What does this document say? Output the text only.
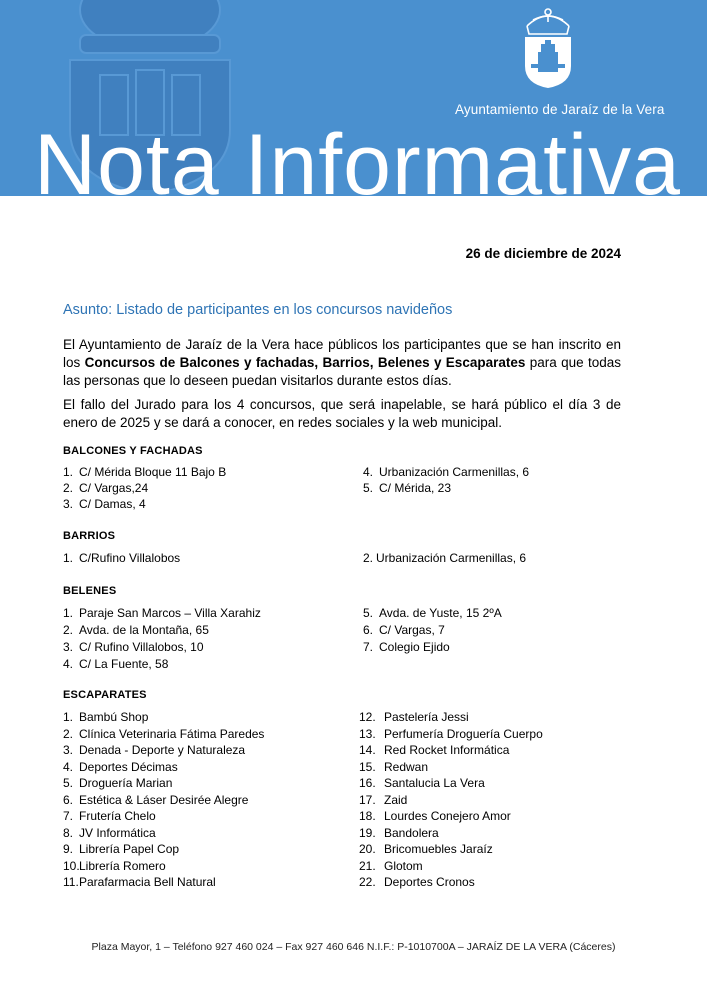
Ayuntamiento de Jaraíz de la Vera
Nota Informativa
26 de diciembre de 2024
Asunto: Listado de participantes en los concursos navideños

El Ayuntamiento de Jaraíz de la Vera hace públicos los participantes que se han inscrito en los Concursos de Balcones y fachadas, Barrios, Belenes y Escaparates para que todas las personas que lo deseen puedan visitarlos durante estos días.

El fallo del Jurado para los 4 concursos, que será inapelable, se hará público el día 3 de enero de 2025 y se dará a conocer, en redes sociales y la web municipal.

BALCONES Y FACHADAS
1. C/ Mérida Bloque 11 Bajo B
2. C/ Vargas,24
3. C/ Damas, 4
4. Urbanización Carmenillas, 6
5. C/ Mérida, 23
BARRIOS
1. C/Rufino Villalobos	2. Urbanización Carmenillas, 6
BELENES
1. Paraje San Marcos – Villa Xarahiz
2. Avda. de la Montaña, 65
3. C/ Rufino Villalobos, 10
4. C/ La Fuente, 58
5. Avda. de Yuste, 15 2ºA
6. C/ Vargas, 7
7. Colegio Ejido
ESCAPARATES
1. Bambú Shop
2. Clínica Veterinaria Fátima Paredes
3. Denada - Deporte y Naturaleza
4. Deportes Décimas
5. Droguería Marian
6. Estética & Láser Desirée Alegre
7. Frutería Chelo
8. JV Informática
9. Librería Papel Cop
10.Librería Romero
11.Parafarmacia Bell Natural
12. Pastelería Jessi
13. Perfumería Droguería Cuerpo
14. Red Rocket Informática
15. Redwan
16. Santalucia La Vera
17. Zaid
18. Lourdes Conejero Amor
19. Bandolera
20. Bricomuebles Jaraíz
21. Glotom
22. Deportes Cronos
Plaza Mayor, 1 – Teléfono 927 460 024 – Fax 927 460 646 N.I.F.: P-1010700A – JARAÍZ DE LA VERA (Cáceres)
